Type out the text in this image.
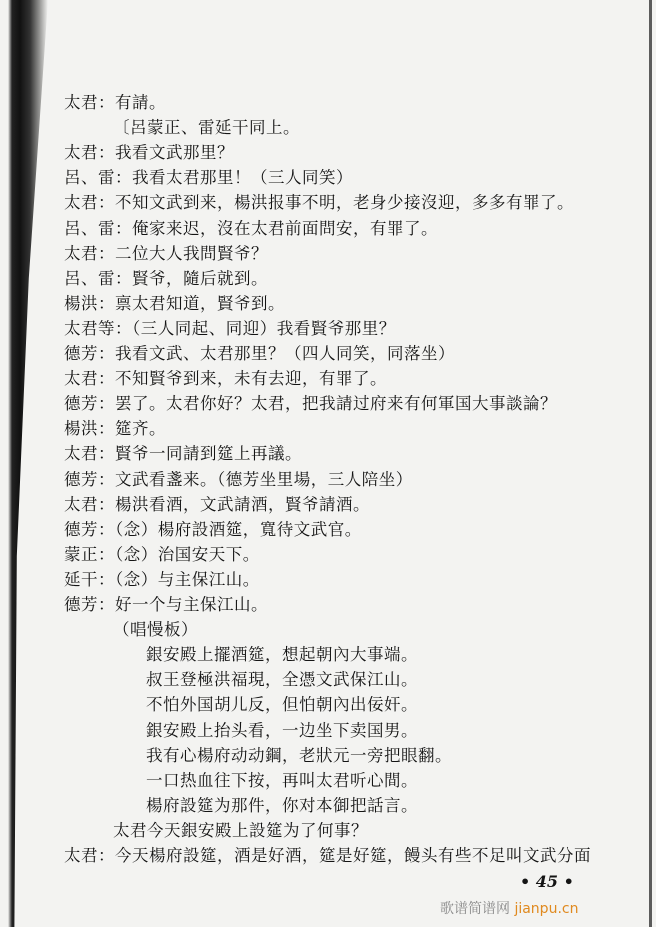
太君：有請。
〔呂蒙正、雷延干同上。
太君：我看文武那里？
呂、雷：我看太君那里！（三人同笑）
太君：不知文武到来，楊洪报事不明，老身少接沒迎，多多有罪了。
呂、雷：俺家来迟，沒在太君前面問安，有罪了。
太君：二位大人我問賢爷？
呂、雷：賢爷，隨后就到。
楊洪：禀太君知道，賢爷到。
太君等：（三人同起、同迎）我看賢爷那里？
德芳：我看文武、太君那里？（四人同笑，同落坐）
太君：不知賢爷到来，未有去迎，有罪了。
德芳：罢了。太君你好？太君，把我請过府来有何軍国大事談論？
楊洪：筵齐。
太君：賢爷一同請到筵上再議。
德芳：文武看盞来。（德芳坐里場，三人陪坐）
太君：楊洪看酒，文武請酒，賢爷請酒。
德芳：（念）楊府設酒筵，寬待文武官。
蒙正：（念）治国安天下。
延干：（念）与主保江山。
德芳：好一个与主保江山。
（唱慢板）
銀安殿上擺酒筵，想起朝內大事端。
叔王登極洪福現，全憑文武保江山。
不怕外国胡儿反，但怕朝內出佞奸。
銀安殿上抬头看，一边坐下卖国男。
我有心楊府动动鋼，老狀元一旁把眼翻。
一口热血往下按，再叫太君听心間。
楊府設筵为那件，你对本御把話言。
太君今天銀安殿上設筵为了何事？
太君：今天楊府設筵，酒是好酒，筵是好筵，饅头有些不足叫文武分面
• 45 •
歌谱简谱网 jianpu.cn
